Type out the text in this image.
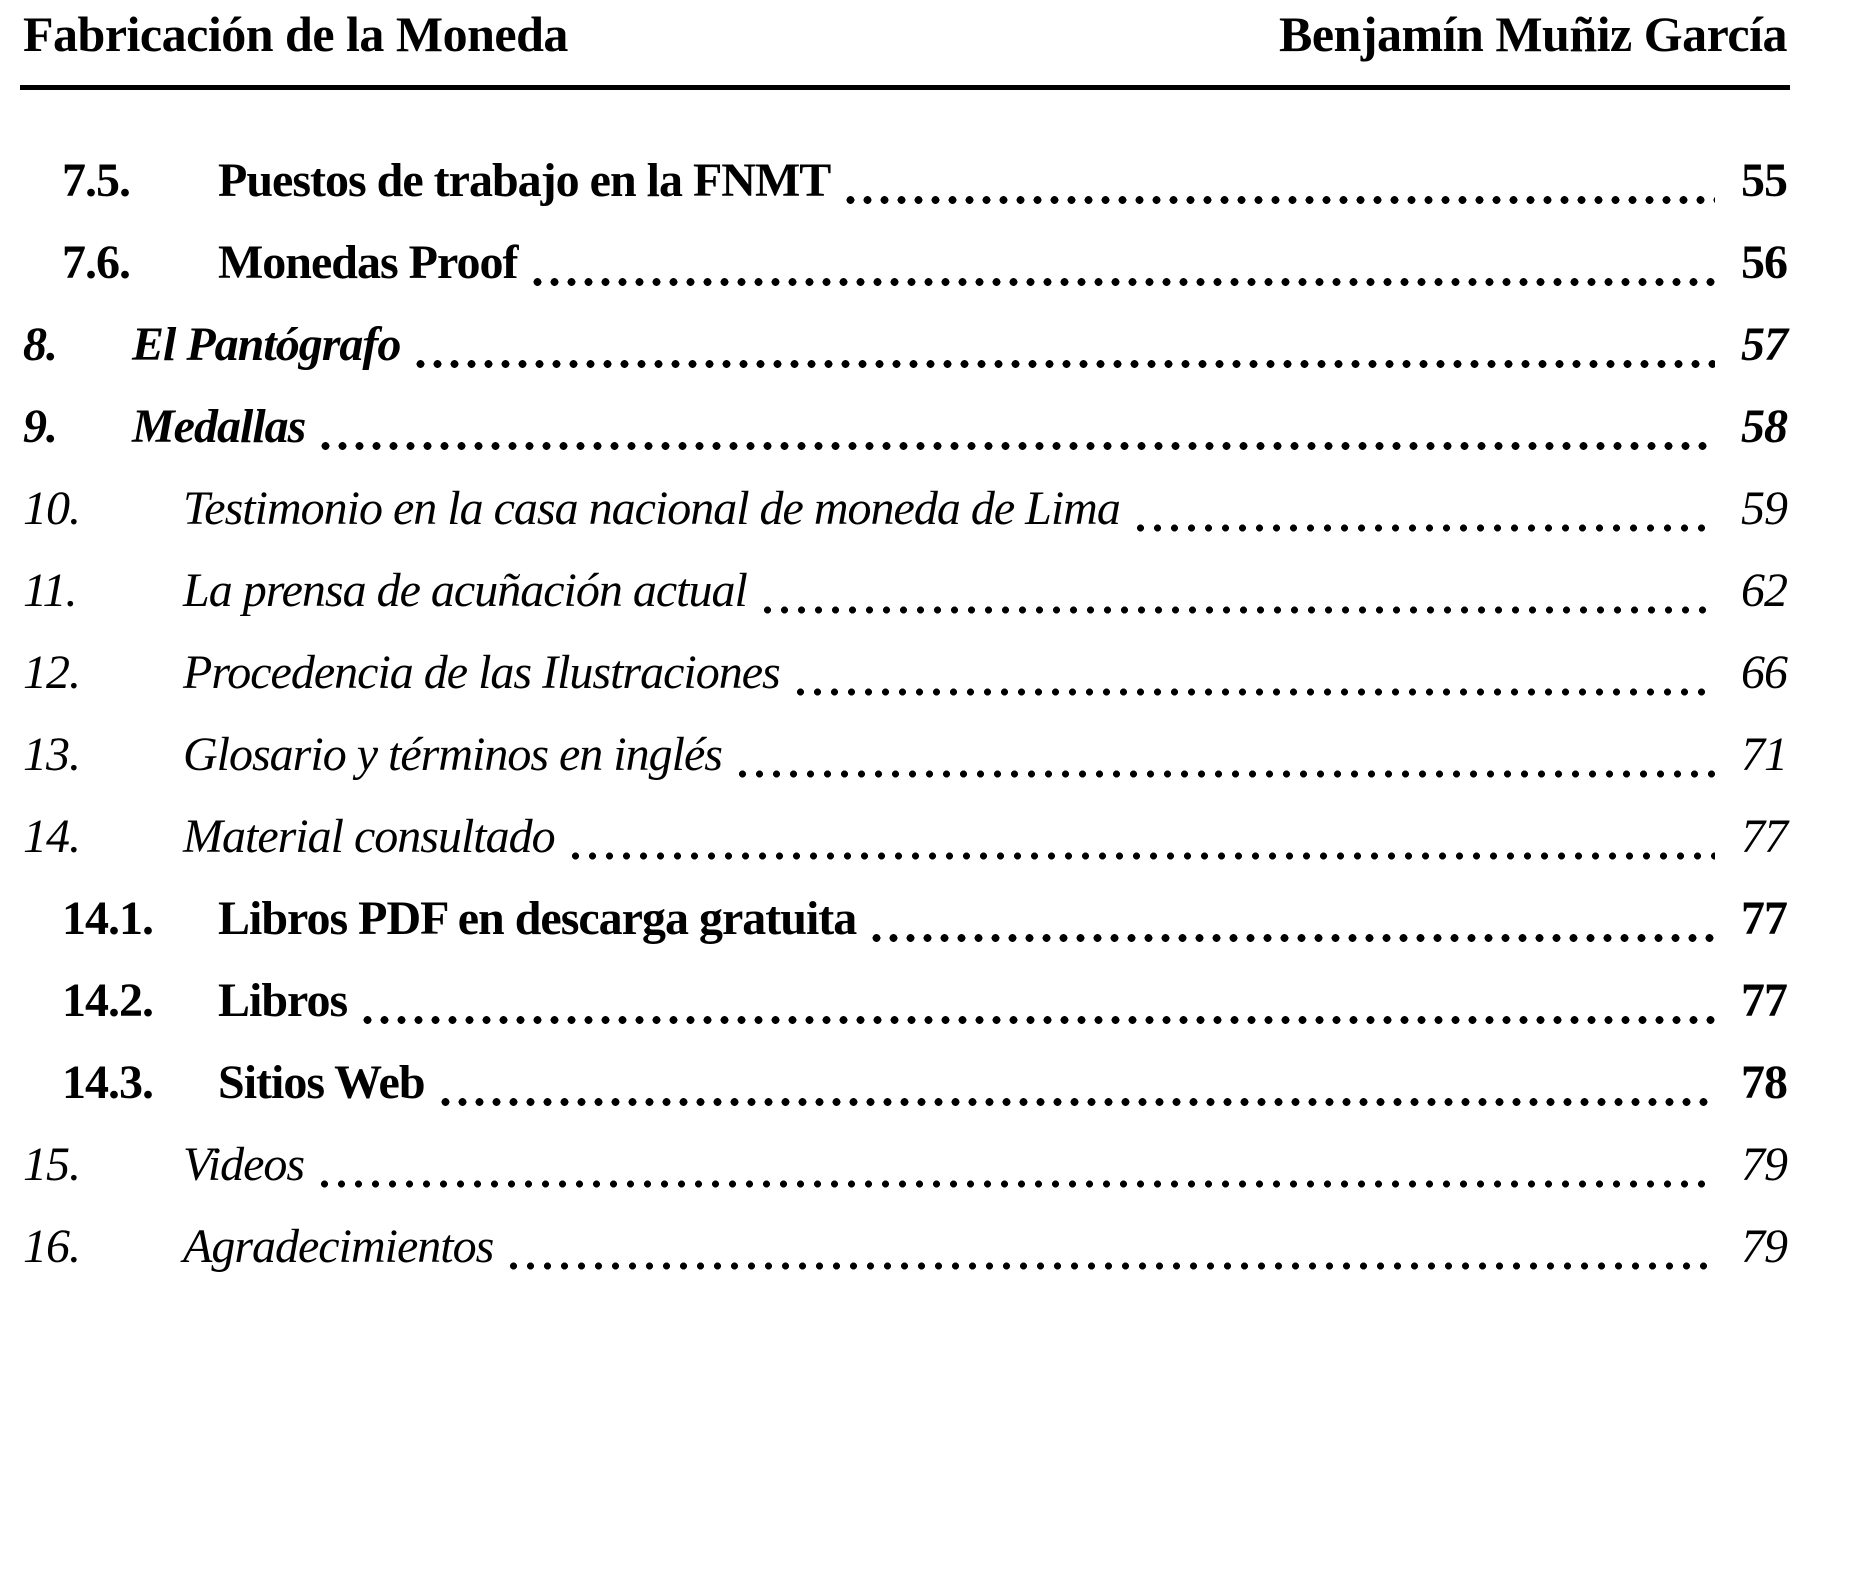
Fabricación de la Moneda	Benjamín Muñiz García
7.5.	Puestos de trabajo en la FNMT	55
7.6.	Monedas Proof	56
8.	El Pantógrafo	57
9.	Medallas	58
10.	Testimonio en la casa nacional de moneda de Lima	59
11.	La prensa de acuñación actual	62
12.	Procedencia de las Ilustraciones	66
13.	Glosario y términos en inglés	71
14.	Material consultado	77
14.1.	Libros PDF en descarga gratuita	77
14.2.	Libros	77
14.3.	Sitios Web	78
15.	Videos	79
16.	Agradecimientos	79
